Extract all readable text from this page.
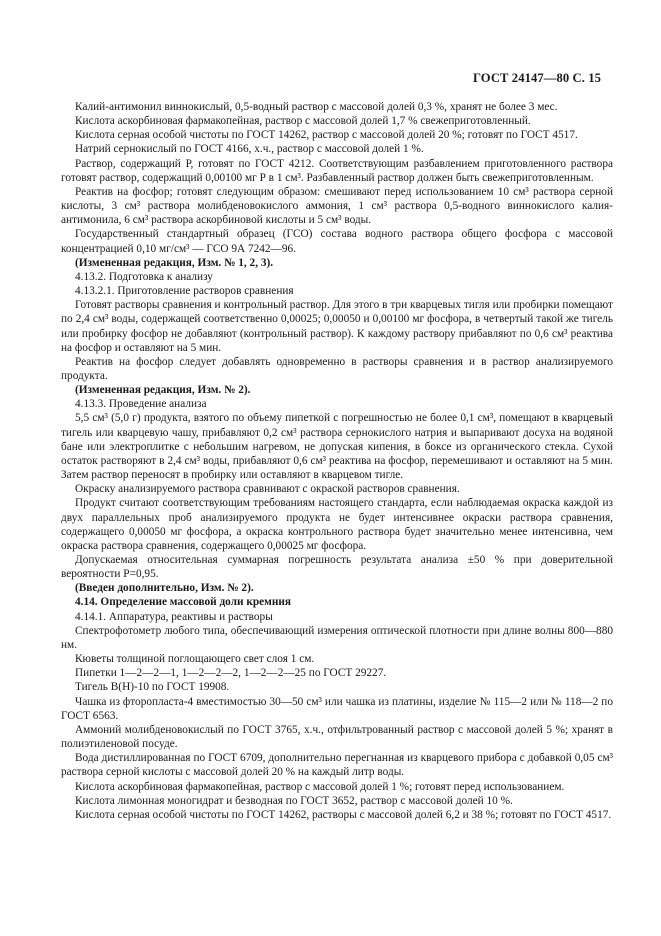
ГОСТ 24147—80 С. 15

Калий-антимонил виннокислый, 0,5-водный раствор с массовой долей 0,3 %, хранят не более 3 мес.

Кислота аскорбиновая фармакопейная, раствор с массовой долей 1,7 % свежеприготовленный.

Кислота серная особой чистоты по ГОСТ 14262, раствор с массовой долей 20 %; готовят по ГОСТ 4517.

Натрий сернокислый по ГОСТ 4166, х.ч., раствор с массовой долей 1 %.

Раствор, содержащий Р, готовят по ГОСТ 4212. Соответствующим разбавлением приготовленного раствора готовят раствор, содержащий 0,00100 мг Р в 1 см³. Разбавленный раствор должен быть свежеприготовленным.

Реактив на фосфор; готовят следующим образом: смешивают перед использованием 10 см³ раствора серной кислоты, 3 см³ раствора молибденовокислого аммония, 1 см³ раствора 0,5-водного виннокислого калия-антимонила, 6 см³ раствора аскорбиновой кислоты и 5 см³ воды.

Государственный стандартный образец (ГСО) состава водного раствора общего фосфора с массовой концентрацией 0,10 мг/см³ — ГСО 9А 7242—96.

(Измененная редакция, Изм. № 1, 2, 3).

4.13.2. Подготовка к анализу

4.13.2.1. Приготовление растворов сравнения

Готовят растворы сравнения и контрольный раствор. Для этого в три кварцевых тигля или пробирки помещают по 2,4 см³ воды, содержащей соответственно 0,00025; 0,00050 и 0,00100 мг фосфора, в четвертый такой же тигель или пробирку фосфор не добавляют (контрольный раствор). К каждому раствору прибавляют по 0,6 см³ реактива на фосфор и оставляют на 5 мин.

Реактив на фосфор следует добавлять одновременно в растворы сравнения и в раствор анализируемого продукта.

(Измененная редакция, Изм. № 2).

4.13.3. Проведение анализа

5,5 см³ (5,0 г) продукта, взятого по объему пипеткой с погрешностью не более 0,1 см³, помещают в кварцевый тигель или кварцевую чашу, прибавляют 0,2 см³ раствора сернокислого натрия и выпаривают досуха на водяной бане или электроплитке с небольшим нагревом, не допуская кипения, в боксе из органического стекла. Сухой остаток растворяют в 2,4 см³ воды, прибавляют 0,6 см³ реактива на фосфор, перемешивают и оставляют на 5 мин. Затем раствор переносят в пробирку или оставляют в кварцевом тигле.

Окраску анализируемого раствора сравнивают с окраской растворов сравнения.

Продукт считают соответствующим требованиям настоящего стандарта, если наблюдаемая окраска каждой из двух параллельных проб анализируемого продукта не будет интенсивнее окраски раствора сравнения, содержащего 0,00050 мг фосфора, а окраска контрольного раствора будет значительно менее интенсивна, чем окраска раствора сравнения, содержащего 0,00025 мг фосфора.

Допускаемая относительная суммарная погрешность результата анализа ±50 % при доверительной вероятности P=0,95.

(Введен дополнительно, Изм. № 2).

4.14. Определение массовой доли кремния

4.14.1. Аппаратура, реактивы и растворы

Спектрофотометр любого типа, обеспечивающий измерения оптической плотности при длине волны 800—880 нм.

Кюветы толщиной поглощающего свет слоя 1 см.

Пипетки 1—2—2—1, 1—2—2—2, 1—2—2—25 по ГОСТ 29227.

Тигель В(Н)-10 по ГОСТ 19908.

Чашка из фторопласта-4 вместимостью 30—50 см³ или чашка из платины, изделие № 115—2 или № 118—2 по ГОСТ 6563.

Аммоний молибденовокислый по ГОСТ 3765, х.ч., отфильтрованный раствор с массовой долей 5 %; хранят в полиэтиленовой посуде.

Вода дистиллированная по ГОСТ 6709, дополнительно перегнанная из кварцевого прибора с добавкой 0,05 см³ раствора серной кислоты с массовой долей 20 % на каждый литр воды.

Кислота аскорбиновая фармакопейная, раствор с массовой долей 1 %; готовят перед использованием.

Кислота лимонная моногидрат и безводная по ГОСТ 3652, раствор с массовой долей 10 %.

Кислота серная особой чистоты по ГОСТ 14262, растворы с массовой долей 6,2 и 38 %; готовят по ГОСТ 4517.
